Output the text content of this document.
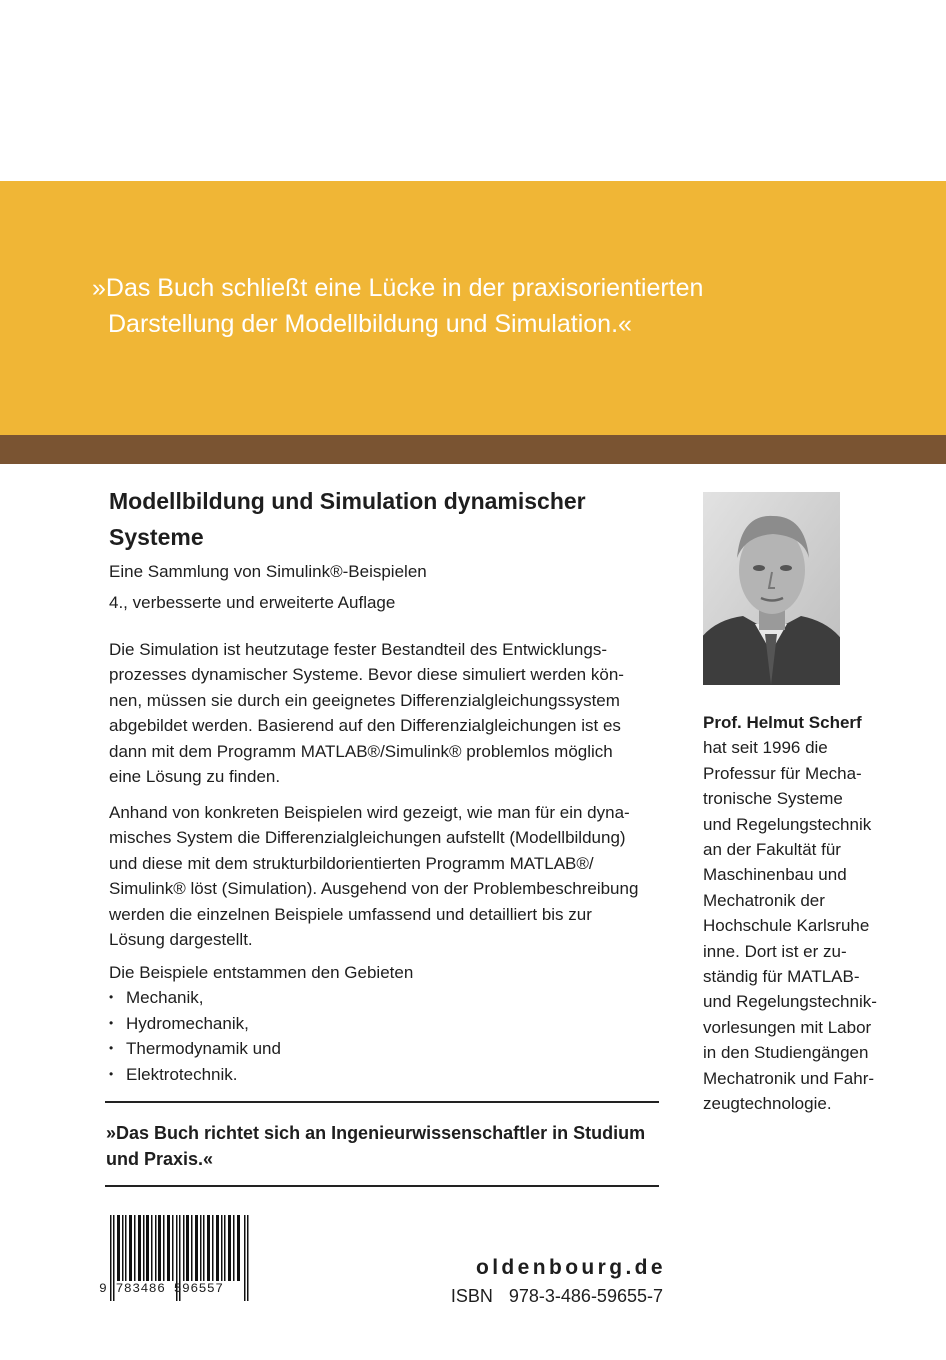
»Das Buch schließt eine Lücke in der praxisorientierten
Darstellung der Modellbildung und Simulation.«

Modellbildung und Simulation dynamischer

Systeme

Eine Sammlung von Simulink®-Beispielen

4., verbesserte und erweiterte Auflage

Die Simulation ist heutzutage fester Bestandteil des Entwicklungs-

prozesses dynamischer Systeme. Bevor diese simuliert werden kön-

nen, müssen sie durch ein geeignetes Differenzialgleichungssystem

abgebildet werden. Basierend auf den Differenzialgleichungen ist es

dann mit dem Programm MATLAB®/Simulink® problemlos möglich

eine Lösung zu finden.

Anhand von konkreten Beispielen wird gezeigt, wie man für ein dyna-

misches System die Differenzialgleichungen aufstellt (Modellbildung)

und diese mit dem strukturbildorientierten Programm MATLAB®/

Simulink® löst (Simulation). Ausgehend von der Problembeschreibung

werden die einzelnen Beispiele umfassend und detailliert bis zur

Lösung dargestellt.

Die Beispiele entstammen den Gebieten

• Mechanik,
• Hydromechanik,
• Thermodynamik und
• Elektrotechnik.
»Das Buch richtet sich an Ingenieurwissenschaftler in Studium
und Praxis.«
Prof. Helmut Scherf
hat seit 1996 die
Professur für Mecha-
tronische Systeme
und Regelungstechnik
an der Fakultät für
Maschinenbau und
Mechatronik der
Hochschule Karlsruhe
inne. Dort ist er zu-
ständig für MATLAB-
und Regelungstechnik-
vorlesungen mit Labor
in den Studiengängen
Mechatronik und Fahr-
zeugtechnologie.
9 783486 596557
oldenbourg.de
ISBN 978-3-486-59655-7
